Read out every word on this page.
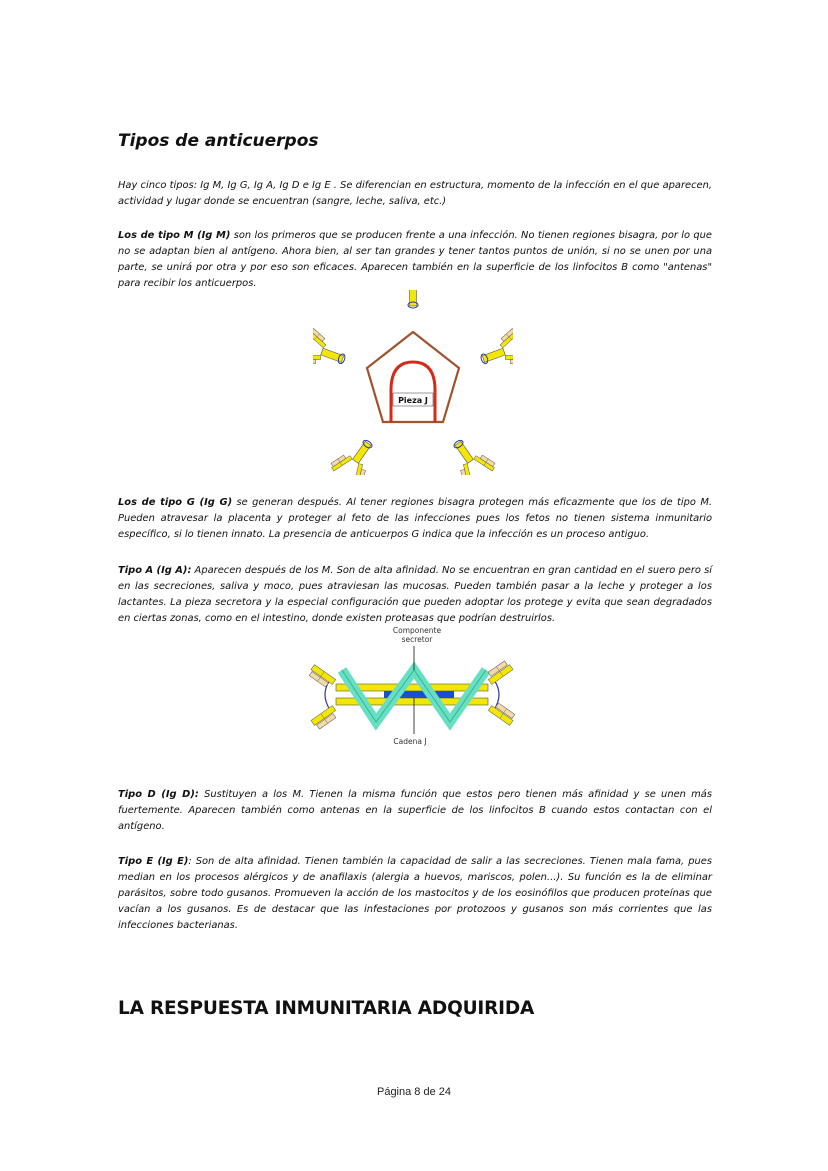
Tipos de anticuerpos

Hay cinco tipos: Ig M, Ig G, Ig A, Ig D e Ig E . Se diferencian en estructura, momento de la infección en el que aparecen, actividad y lugar donde se encuentran (sangre, leche, saliva, etc.)

Los de tipo M (Ig M) son los primeros que se producen frente a una infección. No tienen regiones bisagra, por lo que no se adaptan bien al antígeno. Ahora bien, al ser tan grandes y tener tantos puntos de unión, si no se unen por una parte, se unirá por otra y por eso son eficaces. Aparecen también en la superficie de los linfocitos B como "antenas" para recibir los anticuerpos.

Pieza J

Los de tipo G (Ig G) se generan después. Al tener regiones bisagra protegen más eficazmente que los de tipo M. Pueden atravesar la placenta y proteger al feto de las infecciones pues los fetos no tienen sistema inmunitario específico, si lo tienen innato. La presencia de anticuerpos G indica que la infección es un proceso antiguo.

Tipo A (Ig A): Aparecen después de los M. Son de alta afinidad. No se encuentran en gran cantidad en el suero pero sí en las secreciones, saliva y moco, pues atraviesan las mucosas. Pueden también pasar a la leche y proteger a los lactantes. La pieza secretora y la especial configuración que pueden adoptar los protege y evita que sean degradados en ciertas zonas, como en el intestino, donde existen proteasas que podrían destruirlos.

Componente
secretor
Cadena J

Tipo D (Ig D): Sustituyen a los M. Tienen la misma función que estos pero tienen más afinidad y se unen más fuertemente. Aparecen también como antenas en la superficie de los linfocitos B cuando estos contactan con el antígeno.

Tipo E (Ig E): Son de alta afinidad. Tienen también la capacidad de salir a las secreciones. Tienen mala fama, pues median en los procesos alérgicos y de anafilaxis (alergia a huevos, mariscos, polen...). Su función es la de eliminar parásitos, sobre todo gusanos. Promueven la acción de los mastocitos y de los eosinófilos que producen proteínas que vacían a los gusanos. Es de destacar que las infestaciones por protozoos y gusanos son más corrientes que las infecciones bacterianas.

LA RESPUESTA INMUNITARIA ADQUIRIDA
Página 8 de 24
